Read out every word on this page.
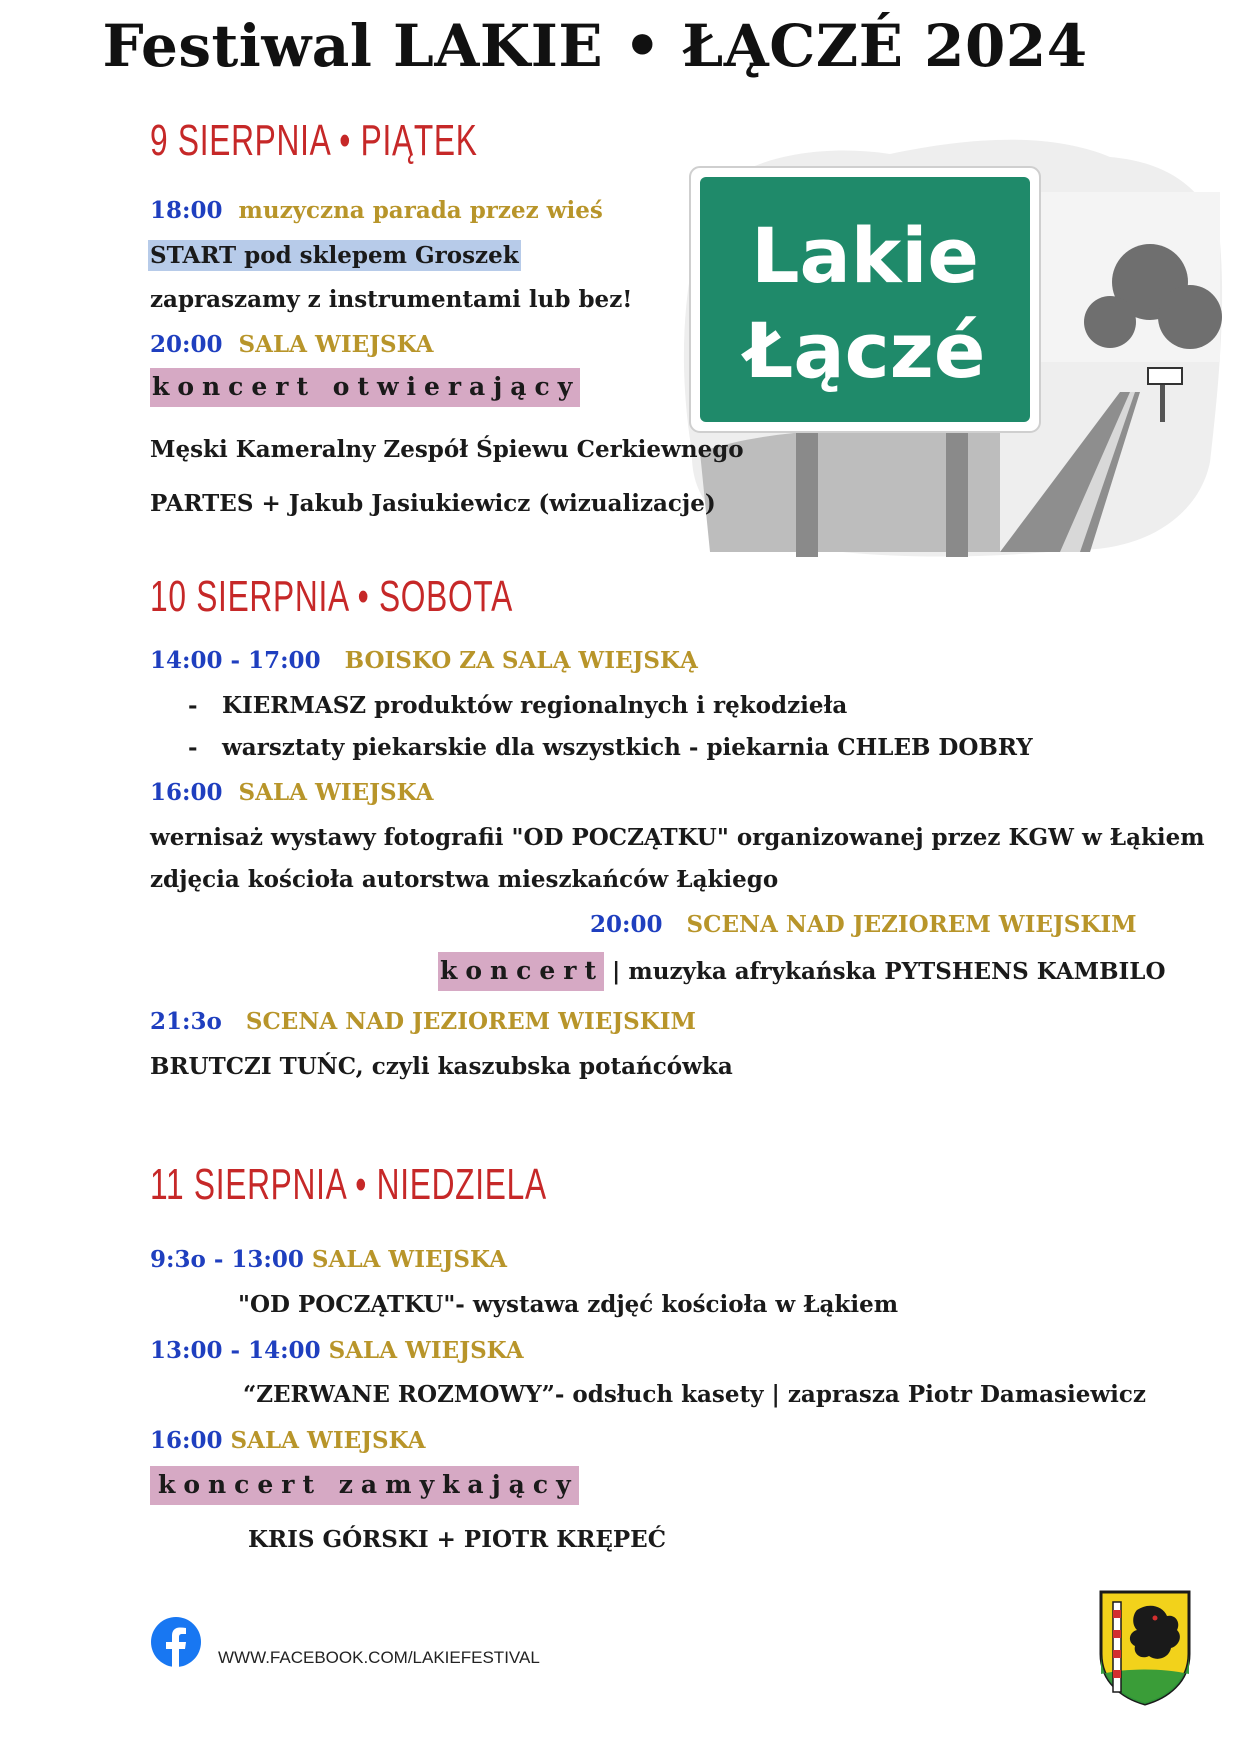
Festiwal LAKIE • ŁĄCZÉ 2024
Lakie
Łączé
9 SIERPNIA • PIĄTEK
18:00 muzyczna parada przez wieś
START pod sklepem Groszek
zapraszamy z instrumentami lub bez!
20:00 SALA WIEJSKA
koncert otwierający
Męski Kameralny Zespół Śpiewu Cerkiewnego
PARTES + Jakub Jasiukiewicz (wizualizacje)
10 SIERPNIA • SOBOTA
14:00 - 17:00 BOISKO ZA SALĄ WIEJSKĄ
- KIERMASZ produktów regionalnych i rękodzieła
- warsztaty piekarskie dla wszystkich - piekarnia CHLEB DOBRY
16:00 SALA WIEJSKA
wernisaż wystawy fotografii "OD POCZĄTKU" organizowanej przez KGW w Łąkiem
zdjęcia kościoła autorstwa mieszkańców Łąkiego
20:00 SCENA NAD JEZIOREM WIEJSKIM
koncert | muzyka afrykańska PYTSHENS KAMBILO
21:3o SCENA NAD JEZIOREM WIEJSKIM
BRUTCZI TUŃC, czyli kaszubska potańcówka
11 SIERPNIA • NIEDZIELA
9:3o - 13:00 SALA WIEJSKA
"OD POCZĄTKU"- wystawa zdjęć kościoła w Łąkiem
13:00 - 14:00 SALA WIEJSKA
“ZERWANE ROZMOWY”- odsłuch kasety | zaprasza Piotr Damasiewicz
16:00 SALA WIEJSKA
koncert zamykający
KRIS GÓRSKI + PIOTR KRĘPEĆ
WWW.FACEBOOK.COM/LAKIEFESTIVAL
